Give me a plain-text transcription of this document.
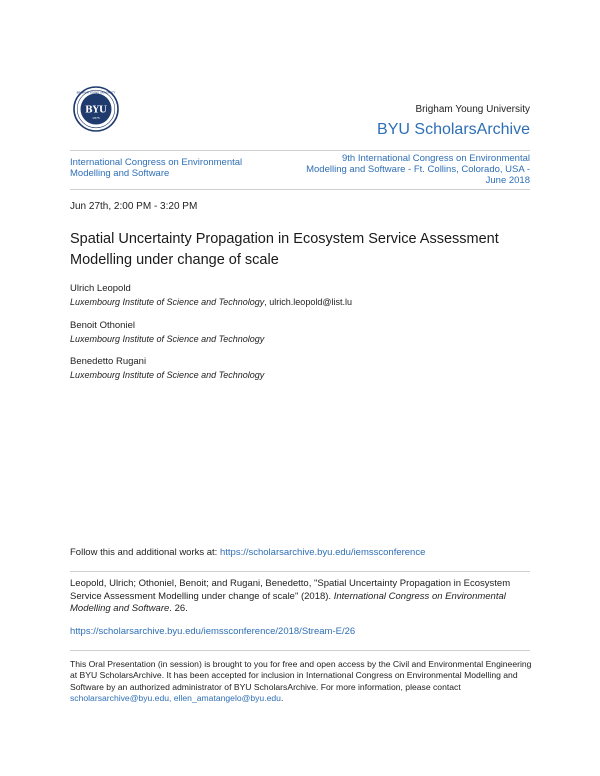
BRIGHAM YOUNG UNIVERSITY
BYU
1875
Brigham Young University
BYU ScholarsArchive
International Congress on Environmental Modelling and Software
9th International Congress on Environmental Modelling and Software - Ft. Collins, Colorado, USA - June 2018
Jun 27th, 2:00 PM - 3:20 PM
Spatial Uncertainty Propagation in Ecosystem Service Assessment Modelling under change of scale
Ulrich Leopold
Luxembourg Institute of Science and Technology, ulrich.leopold@list.lu
Benoit Othoniel
Luxembourg Institute of Science and Technology
Benedetto Rugani
Luxembourg Institute of Science and Technology
Follow this and additional works at: https://scholarsarchive.byu.edu/iemssconference
Leopold, Ulrich; Othoniel, Benoit; and Rugani, Benedetto, "Spatial Uncertainty Propagation in Ecosystem Service Assessment Modelling under change of scale" (2018). International Congress on Environmental Modelling and Software. 26.
https://scholarsarchive.byu.edu/iemssconference/2018/Stream-E/26
This Oral Presentation (in session) is brought to you for free and open access by the Civil and Environmental Engineering at BYU ScholarsArchive. It has been accepted for inclusion in International Congress on Environmental Modelling and Software by an authorized administrator of BYU ScholarsArchive. For more information, please contact scholarsarchive@byu.edu, ellen_amatangelo@byu.edu.
